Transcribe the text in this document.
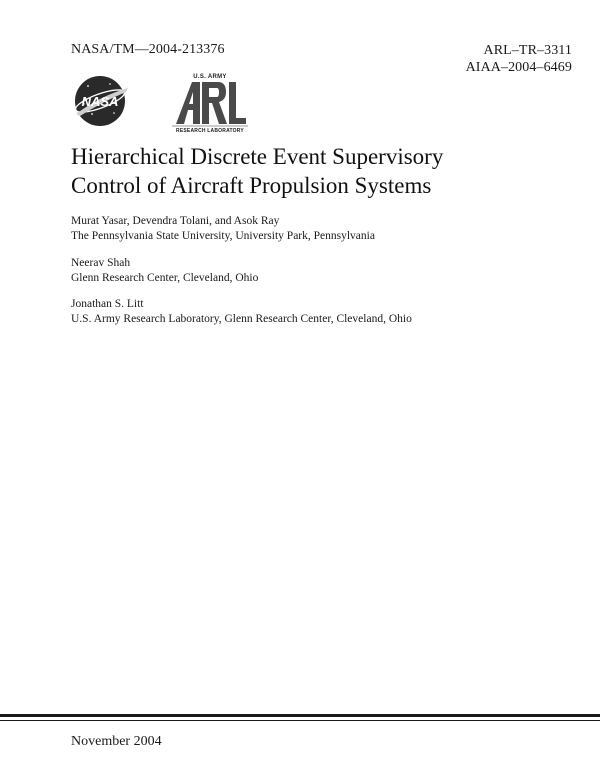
NASA/TM—2004-213376	ARL–TR–3311
AIAA–2004–6469
NASA
U.S. ARMY
RESEARCH LABORATORY
Hierarchical Discrete Event Supervisory
Control of Aircraft Propulsion Systems
Murat Yasar, Devendra Tolani, and Asok Ray
The Pennsylvania State University, University Park, Pennsylvania
Neerav Shah
Glenn Research Center, Cleveland, Ohio
Jonathan S. Litt
U.S. Army Research Laboratory, Glenn Research Center, Cleveland, Ohio
November 2004
